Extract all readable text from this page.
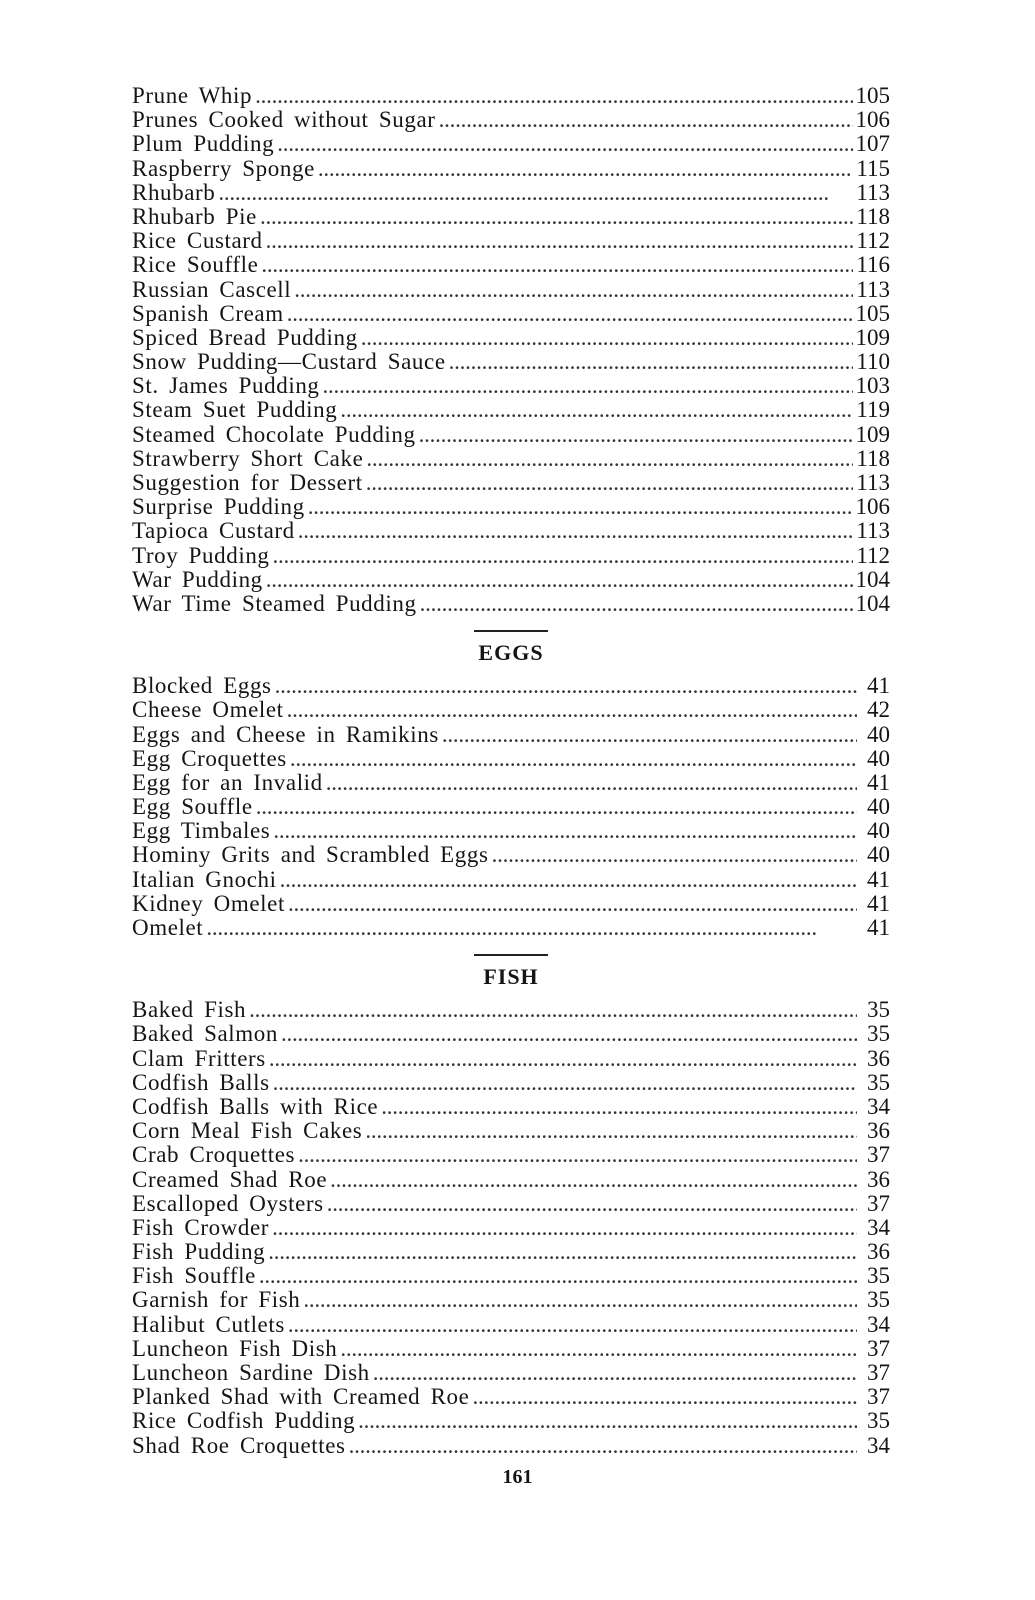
Prune Whip . . .	105
Prunes Cooked without Sugar . . .	106
Plum Pudding . . .	107
Raspberry Sponge . . .	115
Rhubarb . . .	113
Rhubarb Pie . . .	118
Rice Custard . . .	112
Rice Souffle . . .	116
Russian Cascell . . .	113
Spanish Cream . . .	105
Spiced Bread Pudding . . .	109
Snow Pudding—Custard Sauce . . .	110
St. James Pudding . . .	103
Steam Suet Pudding . . .	119
Steamed Chocolate Pudding . . .	109
Strawberry Short Cake . . .	118
Suggestion for Dessert . . .	113
Surprise Pudding . . .	106
Tapioca Custard . . .	113
Troy Pudding . . .	112
War Pudding . . .	104
War Time Steamed Pudding . . .	104
EGGS
Blocked Eggs . . .	41
Cheese Omelet . . .	42
Eggs and Cheese in Ramikins . . .	40
Egg Croquettes . . .	40
Egg for an Invalid . . .	41
Egg Souffle . . .	40
Egg Timbales . . .	40
Hominy Grits and Scrambled Eggs . . .	40
Italian Gnochi . . .	41
Kidney Omelet . . .	41
Omelet . . .	41
FISH
Baked Fish . . .	35
Baked Salmon . . .	35
Clam Fritters . . .	36
Codfish Balls . . .	35
Codfish Balls with Rice . . .	34
Corn Meal Fish Cakes . . .	36
Crab Croquettes . . .	37
Creamed Shad Roe . . .	36
Escalloped Oysters . . .	37
Fish Crowder . . .	34
Fish Pudding . . .	36
Fish Souffle . . .	35
Garnish for Fish . . .	35
Halibut Cutlets . . .	34
Luncheon Fish Dish . . .	37
Luncheon Sardine Dish . . .	37
Planked Shad with Creamed Roe . . .	37
Rice Codfish Pudding . . .	35
Shad Roe Croquettes . . .	34
161
